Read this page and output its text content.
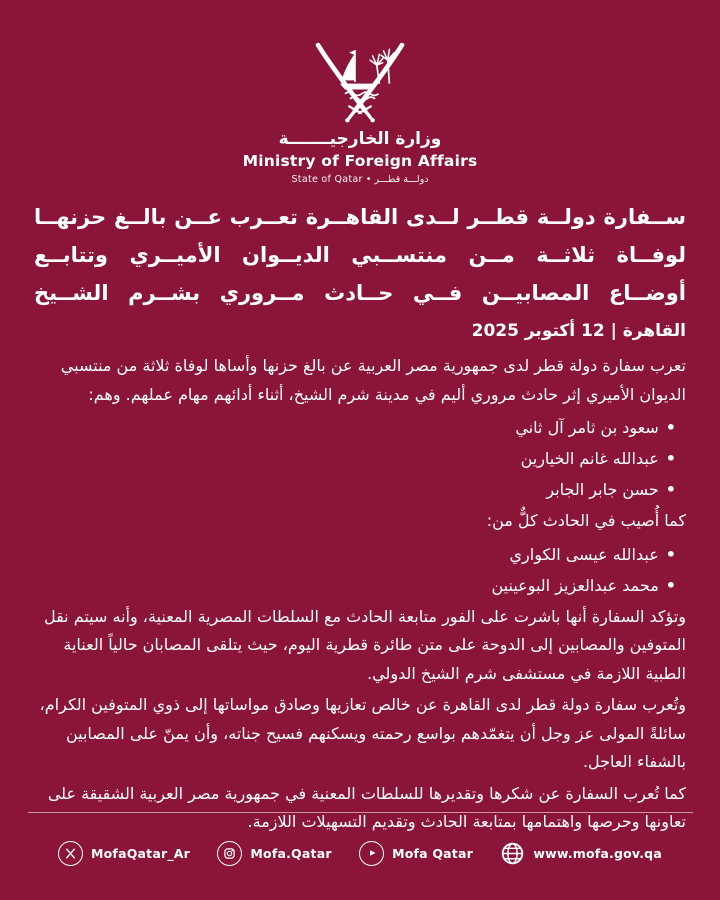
وزارة الخارجيـــــــة
Ministry of Foreign Affairs
دولـــة قطـــر • State of Qatar
ســفارة دولــة قطــر لــدى القاهــرة تعــرب عــن بالــغ حزنهــا
لوفــاة ثلاثــة مــن منتســبي الديــوان الأميــري وتتابــع
أوضــاع المصابيــن فــي حــادث مــروري بشــرم الشــيخ
القاهرة | 12 أكتوبر 2025

تعرب سفارة دولة قطر لدى جمهورية مصر العربية عن بالغ حزنها وأساها لوفاة ثلاثة من منتسبي الديوان الأميري إثر حادث مروري أليم في مدينة شرم الشيخ، أثناء أدائهم مهام عملهم. وهم:

•سعود بن ثامر آل ثاني
•عبدالله غانم الخيارين
•حسن جابر الجابر

كما أُصيب في الحادث كلٌّ من:

•عبدالله عيسى الكواري
•محمد عبدالعزيز البوعينين

وتؤكد السفارة أنها باشرت على الفور متابعة الحادث مع السلطات المصرية المعنية، وأنه سيتم نقل المتوفين والمصابين إلى الدوحة على متن طائرة قطرية اليوم، حيث يتلقى المصابان حالياً العناية الطبية اللازمة في مستشفى شرم الشيخ الدولي.

وتُعرب سفارة دولة قطر لدى القاهرة عن خالص تعازيها وصادق مواساتها إلى ذوي المتوفين الكرام، سائلةً المولى عز وجل أن يتغمّدهم بواسع رحمته ويسكنهم فسيح جناته، وأن يمنّ على المصابين بالشفاء العاجل.

كما تُعرب السفارة عن شكرها وتقديرها للسلطات المعنية في جمهورية مصر العربية الشقيقة على تعاونها وحرصها واهتمامها بمتابعة الحادث وتقديم التسهيلات اللازمة.

MofaQatar_Ar	Mofa.Qatar	Mofa Qatar	www.mofa.gov.qa
